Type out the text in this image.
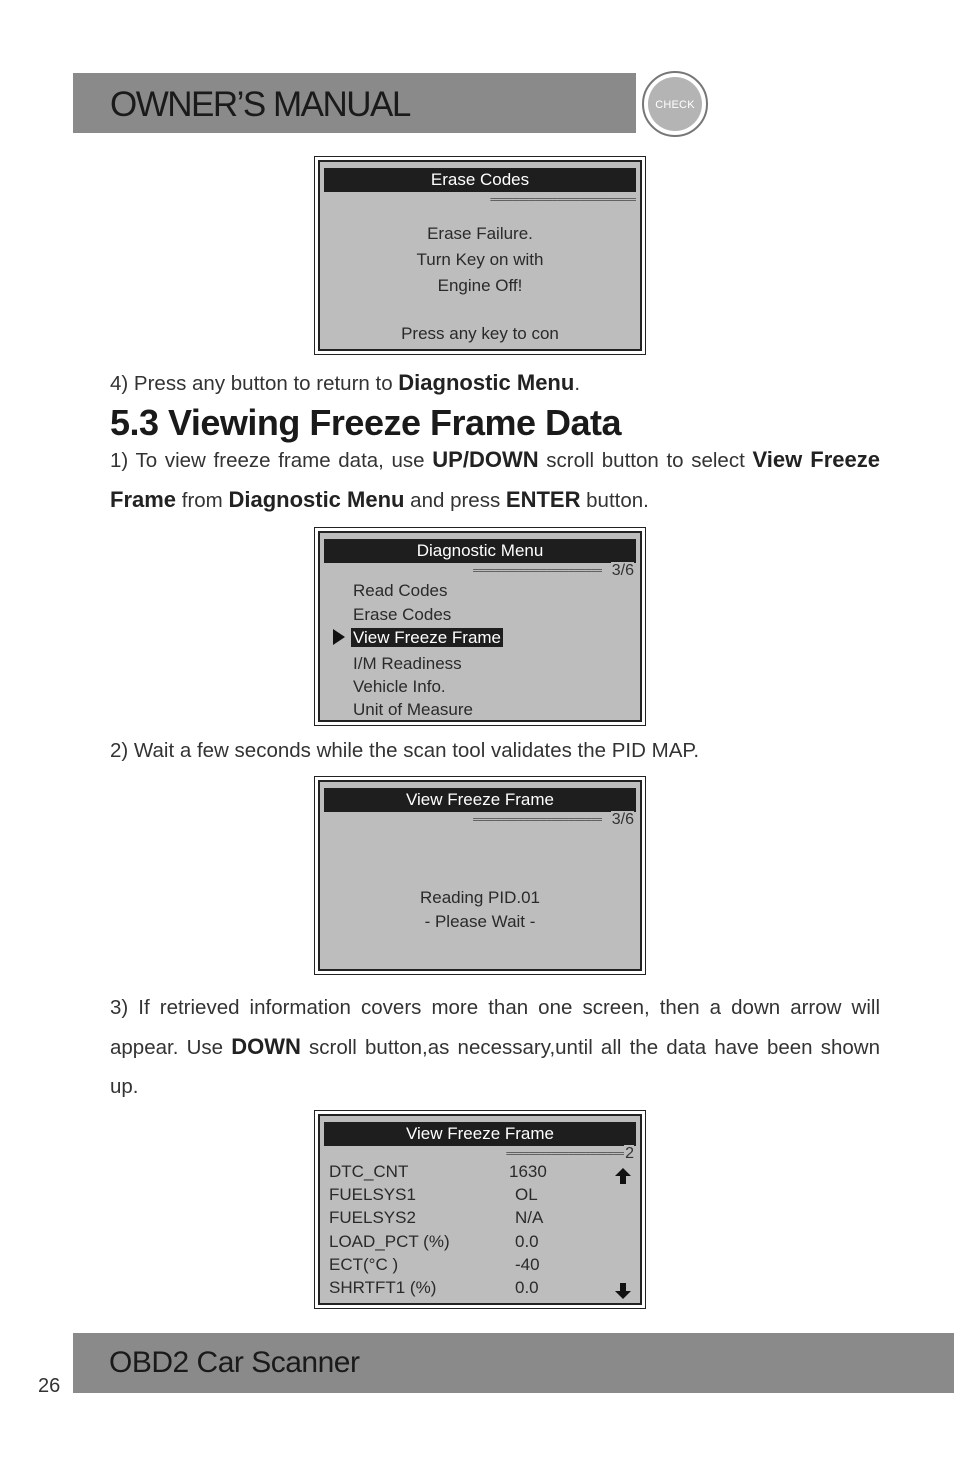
OWNER’S MANUAL	CHECK
Erase Codes
==========================
Erase Failure.
Turn Key on with
Engine Off!
Press any key to con
4) Press any button to return to Diagnostic Menu.
5.3 Viewing Freeze Frame Data
1) To view freeze frame data, use UP/DOWN scroll button to select View Freeze Frame from Diagnostic Menu and press ENTER button.
Diagnostic Menu
======================= 3/6
Read Codes
Erase Codes
View Freeze Frame
I/M Readiness
Vehicle Info.
Unit of Measure
2) Wait a few seconds while the scan tool validates the PID MAP.
View Freeze Frame
======================= 3/6
Reading PID.01
- Please Wait -
3) If retrieved information covers more than one screen, then a down arrow will appear. Use DOWN scroll button,as necessary,until all the data have been shown up.
View Freeze Frame
===================== 2
DTC_CNT	1630
FUELSYS1	OL
FUELSYS2	N/A
LOAD_PCT (%)	0.0
ECT(°C )	-40
SHRTFT1 (%)	0.0
OBD2 Car Scanner
26
